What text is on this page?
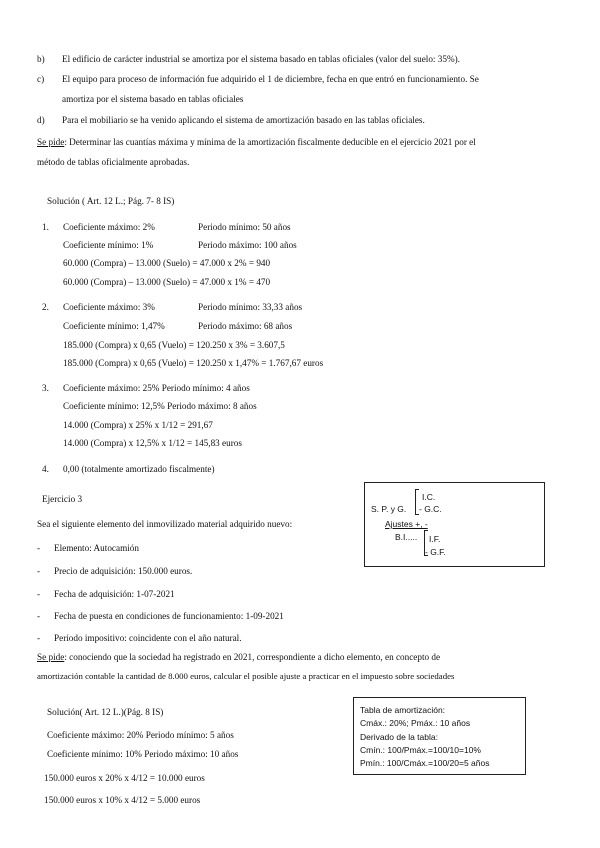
b) El edificio de carácter industrial se amortiza por el sistema basado en tablas oficiales (valor del suelo: 35%).
c) El equipo para proceso de información fue adquirido el 1 de diciembre, fecha en que entró en funcionamiento. Se
amortiza por el sistema basado en tablas oficiales
d) Para el mobiliario se ha venido aplicando el sistema de amortización basado en las tablas oficiales.
Se pide: Determinar las cuantías máxima y mínima de la amortización fiscalmente deducible en el ejercicio 2021 por el
método de tablas oficialmente aprobadas.
Solución ( Art. 12 L.; Pág. 7- 8 IS)
1. Coeficiente máximo: 2%	Periodo mínimo: 50 años
Coeficiente mínimo: 1%	Periodo máximo: 100 años
60.000 (Compra) – 13.000 (Suelo) = 47.000 x 2% = 940
60.000 (Compra) – 13.000 (Suelo) = 47.000 x 1% = 470
2. Coeficiente máximo: 3%	Periodo mínimo: 33,33 años
Coeficiente mínimo: 1,47%	Periodo máximo: 68 años
185.000 (Compra) x 0,65 (Vuelo) = 120.250 x 3% = 3.607,5
185.000 (Compra) x 0,65 (Vuelo) = 120.250 x 1,47% = 1.767,67 euros
3. Coeficiente máximo: 25% Periodo mínimo: 4 años
Coeficiente mínimo: 12,5% Periodo máximo: 8 años
14.000 (Compra) x 25% x 1/12 = 291,67
14.000 (Compra) x 12,5% x 1/12 = 145,83 euros
4. 0,00 (totalmente amortizado fiscalmente)
Ejercicio 3
Sea el siguiente elemento del inmovilizado material adquirido nuevo:
- Elemento: Autocamión
- Precio de adquisición: 150.000 euros.
- Fecha de adquisición: 1-07-2021
- Fecha de puesta en condiciones de funcionamiento: 1-09-2021
- Período impositivo: coincidente con el año natural.
Se pide: conociendo que la sociedad ha registrado en 2021, correspondiente a dicho elemento, en concepto de
amortización contable la cantidad de 8.000 euros, calcular el posible ajuste a practicar en el impuesto sobre sociedades
I.C.
S. P. y G. - G.C.
Ajustes +, -
B.I..... I.F.
- G.F.
Solución( Art. 12 L.)(Pág. 8 IS)
Coeficiente máximo: 20% Periodo mínimo: 5 años
Coeficiente mínimo: 10% Periodo máximo: 10 años
150.000 euros x 20% x 4/12 = 10.000 euros
150.000 euros x 10% x 4/12 = 5.000 euros
Tabla de amortización:
Cmáx.: 20%; Pmáx.: 10 años
Derivado de la tabla:
Cmín.: 100/Pmáx.=100/10=10%
Pmín.: 100/Cmáx.=100/20=5 años
